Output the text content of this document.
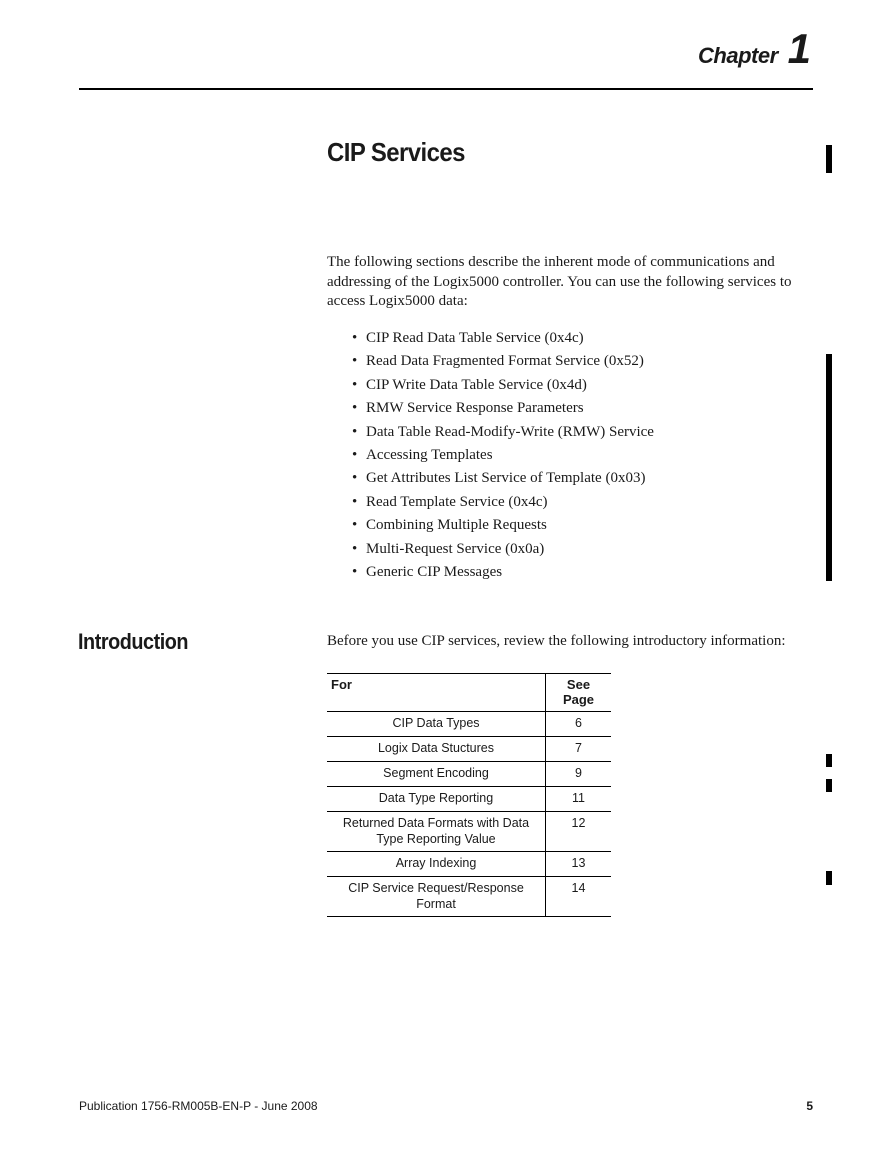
Chapter 1
CIP Services

The following sections describe the inherent mode of communications and addressing of the Logix5000 controller. You can use the following services to access Logix5000 data:

• CIP Read Data Table Service (0x4c)
• Read Data Fragmented Format Service (0x52)
• CIP Write Data Table Service (0x4d)
• RMW Service Response Parameters
• Data Table Read-Modify-Write (RMW) Service
• Accessing Templates
• Get Attributes List Service of Template (0x03)
• Read Template Service (0x4c)
• Combining Multiple Requests
• Multi-Request Service (0x0a)
• Generic CIP Messages
Introduction	Before you use CIP services, review the following introductory information:

For	See Page
CIP Data Types	6
Logix Data Stuctures	7
Segment Encoding	9
Data Type Reporting	11
Returned Data Formats with Data Type Reporting Value	12
Array Indexing	13
CIP Service Request/Response Format	14
Publication 1756-RM005B-EN-P - June 2008	5
